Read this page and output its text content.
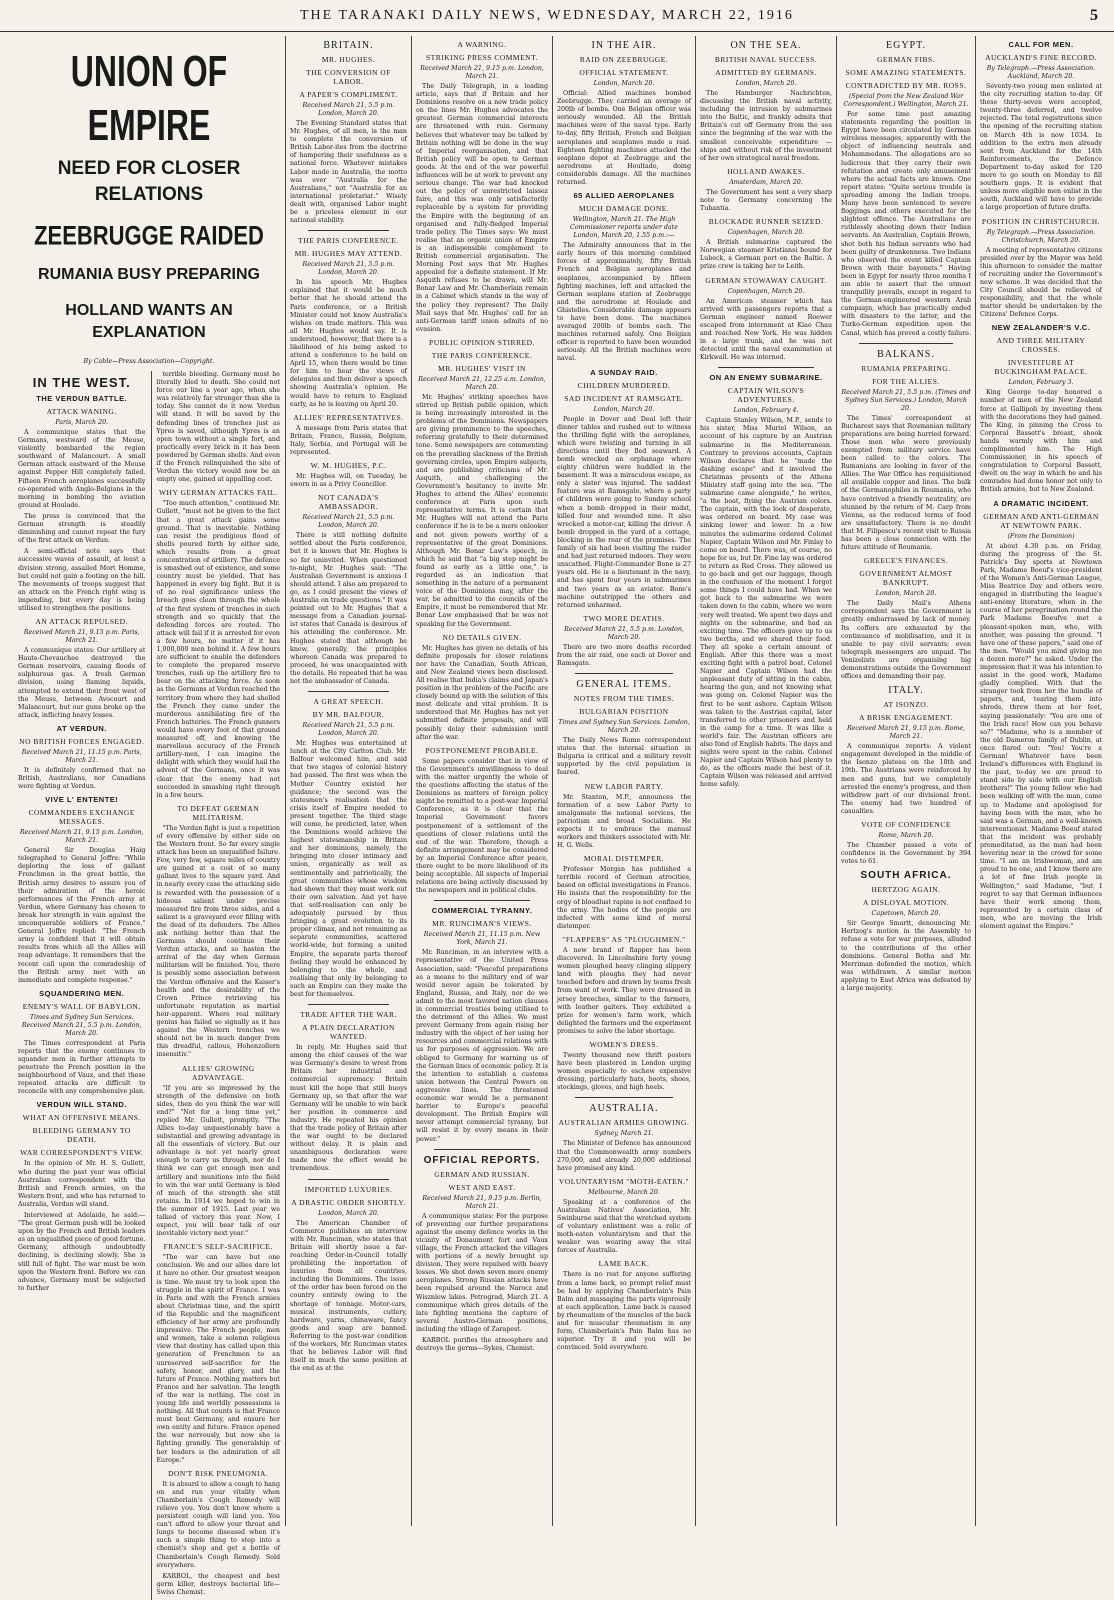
THE TARANAKI DAILY NEWS, WEDNESDAY, MARCH 22, 1916	5
UNION OF EMPIRE
NEED FOR CLOSER RELATIONS
ZEEBRUGGE RAIDED
RUMANIA BUSY PREPARING
HOLLAND WANTS AN EXPLANATION
By Cable—Press Association—Copyright.
IN THE WEST.
THE VERDUN BATTLE.
ATTACK WANING.
Paris, March 20.

A communique states that the Germans, westward of the Meuse, violently bombarded the region southward of Malancourt. A small German attack eastward of the Meuse against Pepper Hill completely failed. Fifteen French aeroplanes successfully co-operated with Anglo-Belgians in the morning in bombing the aviation ground at Houlade.

The press is convinced that the German strength is steadily diminishing and cannot repeat the fury of the first attack on Verdun.

A semi-official note says that successive waves of assault, at least a division strong, assailed Mort Homme, but could not gain a footing on the hill. The movements of troops suggest that an attack on the French right wing is impending, but every day is being utilised to strengthen the positions.

AN ATTACK REPULSED.
Received March 21, 9.15 p.m. Paris, March 21.

A communique states: Our artillery at Haute-Chevauchee destroyed the German reservoirs, causing floods of sulphurous gas. A fresh German division, using flaming liquids, attempted to extend their front west of the Meuse, between Avocourt and Malancourt, but our guns broke up the attack, inflicting heavy losses.

AT VERDUN.
NO BRITISH FORCES ENGAGED.
Received March 21, 11.15 p.m. Paris, March 21.

It is definitely confirmed that no British, Australians, nor Canadians were fighting at Verdun.

VIVE L' ENTENTE!
COMMANDERS EXCHANGE MESSAGES.
Received March 21, 9.15 p.m. London, March 21.

General Sir Douglas Haig telegraphed to General Joffre: "While deploring the loss of gallant Frenchmen in the great battle, the British army desires to assure you of their admiration of the heroic performances of the French army at Verdun, where Germany has chosen to break her strength in vain against the unconquerable soldiers of France." General Joffre replied: "The French army is confident that it will obtain results from which all the Allies will reap advantage. It remembers that the recent call upon the comradeship of the British army met with an immediate and complete response."

SQUANDERING MEN.
ENEMY'S WALL OF BABYLON.
Times and Sydney Sun Services. Received March 21, 5.5 p.m. London, March 20.

The Times correspondent at Paris reports that the enemy continues to squander men in further attempts to penetrate the French position in the neighbourhood of Vaux, and that these repeated attacks are difficult to reconcile with any comprehensive plan.

VERDUN WILL STAND.
WHAT AN OFFENSIVE MEANS.
BLEEDING GERMANY TO DEATH.
WAR CORRESPONDENT'S VIEW.

In the opinion of Mr. H. S. Gullett, who during the past year was official Australian correspondent with the British and French armies, on the Western front, and who has returned to Australia, Verdun will stand.

Interviewed at Adelaide, he said:— "The great German push will be looked upon by the French and British leaders as an unqualified piece of good fortune. Germany, although undoubtedly declining, is declining slowly. She is still full of fight. The war must be won upon the Western front. Before we can advance, Germany must be subjected to further

terrible bleeding. Germany must be literally bled to death. She could not force our line a year ago, when she was relatively far stronger than she is today. She cannot do it now. Verdun will stand. It will be saved by the defending lines of trenches just as Ypres is saved, although Ypres is an open town without a single fort, and practically every brick in it has been powdered by German shells. And even if the French relinquished the site of Verdun the victory would now be an empty one, gained at appalling cost.

WHY GERMAN ATTACKS FAIL.

"Too much attention," continued Mr. Gullett, "must not be given to the fact that a great attack gains some ground. That is inevitable. Nothing can resist the prodigious flood of shells poured forth by either side, which results from a great concentration of artillery. The defence is smashed out of existence, and some country must be yielded. That has happened in every big fight. But it is of no real significance unless the breach goes clean through the whole of the first system of trenches in such strength and so quickly that the defending forces are routed. The attack will fail if it is arrested for even a few hours, no matter if it has 1,000,000 men behind it. A few hours are sufficient to enable the defenders to complete the prepared reserve trenches, rush up the artillery fire to bear on the attacking force. As soon as the Germans at Verdun reached the territory from where they had shelled the French they came under the murderous annihilating fire of the French batteries. The French gunners would have every foot of that ground measured off, and knowing the marvellous accuracy of the French artillery-men, I can imagine the delight with which they would hail the advent of the Germans, once it was clear that the enemy had not succeeded in smashing right through in a few hours.

TO DEFEAT GERMAN MILITARISM.

"The Verdun fight is just a repetition of every offensive by either side on the Western front. So far every single attack has been an unqualified failure. Few, very few, square miles of country are gained at a cost of so many gallant lives to the square yard. And in nearly every case the attacking side is rewarded with the possession of a hideous salient under precise measured fire from three sides, and a salient is a graveyard ever filling with the dead of its defenders. The Allies ask nothing better than that the Germans should continue their Verdun attacks, and so hasten the arrival of the day when German militarism will be finished. You, there is possibly some association between the Verdun offensive and the Kaiser's health and the desirability of the Crown Prince retrieving his unfortunate reputation as martial heir-apparent. Where real military genius has failed so signally as it has against the Western trenches we should not be in much danger from this dreadful, callous, Hohenzollern insensitiv."

ALLIES' GROWING ADVANTAGE.

"If you are so impressed by the strength of the defensive on both sides, then do you think the war will end?" "Not for a long time yet," replied Mr. Gullett, promptly. "The Allies to-day unquestionably have a substantial and growing advantage in all the essentials of victory. But our advantage is not yet nearly great enough to carry us through, nor do I think we can get enough men and artillery and munitions into the field to win the war until Germany is bled of much of the strength she still retains. In 1914 we hoped to win in the summer of 1915. Last year we talked of victory this year. Now, I expect, you will hear talk of our inevitable victory next year."

FRANCE'S SELF-SACRIFICE.

"The war can have but one conclusion. We and our allies dare let it have no other. Our greatest weapon is time. We must try to look upon the struggle in the spirit of France. I was in Paris and with the French armies about Christmas time, and the spirit of the Republic and the magnificent efficiency of her army are profoundly impressive. The French people, men and women, take a solemn religious view that destiny has called upon this generation of Frenchmen to an unreserved self-sacrifice for the safety, honor, and glory, and the future of France. Nothing matters but France and her salvation. The length of the war is nothing. The cost in young life and worldly possessions is nothing. All that counts is that France must beat Germany, and ensure her own entity and future. France opened the war nervously, but now she is fighting grandly. The generalship of her leaders is the admiration of all Europe."

DON'T RISK PNEUMONIA.

It is absurd to allow a cough to hang on and run your vitality when Chamberlain's Cough Remedy will relieve you. You don't know where a persistent cough will land you. You can't afford to allow your throat and lungs to become diseased when it's such a simple thing to step into a chemist's shop and get a bottle of Chamberlain's Cough Remedy. Sold everywhere.

KARBOL, the cheapest and best germ killer, destroys bacterial life—Swiss Chemist.

BRITAIN.
MR. HUGHES.
THE CONVERSION OF LABOR.
A PAPER'S COMPLIMENT.
Received March 21, 5.5 p.m. London, March 20.

The Evening Standard states that Mr. Hughes, of all men, is the man to complete the conversion of British Labor-ites from the doctrine of hampering their usefulness as a national force. Whatever mistakes Labor made in Australia, the motto was ever "Australia for the Australians," not "Australia for an international proletariat." Wisely dealt with, organised Labor might be a priceless element in our national stability.

THE PARIS CONFERENCE.
MR. HUGHES MAY ATTEND.
Received March 21, 5.5 p.m. London, March 20.

In his speech Mr. Hughes explained that it would be much better that he should attend the Paris conference, or a British Minister could not know Australia's wishes on trade matters. This was all Mr. Hughes would say. It is understood, however, that there is a likelihood of his being asked to attend a conference to be held on April 15, when there would be time for him to hear the views of delegates and then deliver a speech showing Australia's opinion. He would have to return to England early, as he is leaving on April 20.

ALLIES' REPRESENTATIVES.

A message from Paris states that Britain, France, Russia, Belgium, Italy, Serbia, and Portugal will be represented.

W. M. HUGHES, P.C.

Mr. Hughes will, on Tuesday, be sworn in as a Privy Councillor.

NOT CANADA'S AMBASSADOR.
Received March 21, 5.5 p.m. London, March 20.

There is still nothing definite settled about the Paris conference, but it is known that Mr. Hughes is so far uninvited. When questioned to-night, Mr. Hughes said: "The Australian Government is anxious I should attend. I also am prepared to go, as I could present the views of Australia on trade questions." It was pointed out to Mr. Hughes that a message from a Canadian journal-ist states that Canada is desirous of his attending the conference. Mr. Hughes stated that although he knew, generally, the principles whereon Canada was prepared to proceed, he was unacquainted with the details. He repeated that he was not the ambassador of Canada.

A GREAT SPEECH.
BY MR. BALFOUR.
Received March 21, 5.5 p.m. London, March 20.

Mr. Hughes was entertained at lunch at the City Carlton Club. Mr. Balfour welcomed him, and said that two stages of colonial history had passed. The first was when the Mother Country existed her guidance; the second was the statesmen's realisation that the crisis itself of Empire needed to present together. The third stage will come, he predicted, later, when the Dominions would achieve the highest statesmanship in Britain and her dominions, namely, the bringing into closer intimacy and union, organically as well as sentimentally and patriotically, the great communities whose wisdom had shown that they must work out their own salvation. And yet have that self-realisation can only be adequately pursued by thus bringing a great evolution to its proper climax, and not remaining as separate communities, scattered world-wide, but forming a united Empire, the separate parts thereof feeling they would be enhanced by belonging to the whole, and realising that only by belonging to such an Empire can they make the best for themselves.

TRADE AFTER THE WAR.
A PLAIN DECLARATION WANTED.

In reply, Mr. Hughes said that among the chief causes of the war was Germany's desire to wrest from Britain her industrial and commercial supremacy. Britain must kill the hope that still buoys Germany up, so that after the war Germany will be unable to win back her position in commerce and industry. He repeated his opinion that the trade policy of Britain after the war ought to be declared without delay. It is plain and unambiguous declaration were made now the effect would be tremendous.

IMPORTED LUXURIES.
A DRASTIC ORDER SHORTLY.
London, March 20.

The American Chamber of Commerce publishes an interview with Mr. Runciman, who states that Britain will shortly issue a far-reaching Order-in-Council totally prohibiting the importation of luxuries from all countries, including the Dominions. The issue of the order has been forced on the country entirely owing to the shortage of tonnage. Motor-cars, musical instruments, cutlery, hardware, yarns, chinaware, fancy goods and soap are banned. Referring to the post-war condition of the workers, Mr. Runciman states that he believes Labor will find itself in much the same position at the end as at the

A WARNING.
STRIKING PRESS COMMENT.
Received March 21, 9.15 p.m. London, March 21.

The Daily Telegraph, in a leading article, says that if Britain and her Dominions resolve on a new trade policy on the lines Mr. Hughes advocates the greatest German commercial interests are threatened with ruin. Germany believes that whatever may be talked by Britain nothing will be done in the way of Imperial reorganisation, and that British policy will be open to German goods. At the end of the war powerful influences will be at work to prevent any serious change. The war had knocked out the policy of unrestricted laissez faire, and this was only satisfactorily replaceable by a system for providing the Empire with the beginning of an organised and fully-fledged Imperial trade policy. The Times says: We must realise that an organic union of Empire is an indispensible complement to British commercial organisation. The Morning Post says that Mr. Hughes appealed for a definite statement. If Mr. Asquith refuses to be drawn, will Mr. Bonar Law and Mr. Chamberlain remain in a Cabinet which stands in the way of the policy they represent? The Daily Mail says that Mr. Hughes' call for an anti-German tariff union admits of no evasion.

PUBLIC OPINION STIRRED.
THE PARIS CONFERENCE.
MR. HUGHES' VISIT IN
Received March 21, 12.25 a.m. London, March 20.

Mr. Hughes' striking speeches have stirred up British public opinion, which is being increasingly interested in the problems of the Dominions. Newspapers are giving prominence to the speeches, referring gratefully to their determined tone. Some newspapers are commenting on the prevailing slackness of the British governing circles, upon Empire subjects, and are publishing criticisms of Mr. Asquith, and challenging the Government's hesitancy to invite Mr. Hughes to attend the Allies' economic conference at Paris upon such representative terms. It is certain that Mr. Hughes will not attend the Paris conference if he is to be a mere onlooker and not given powers worthy of a representative of the great Dominions. Although Mr. Bonar Law's speech, in which he said that "a big step might be found as early as a little one," is regarded as an indication that something in the nature of a permanent voice of the Dominions may, after the war, be admitted to the councils of the Empire, it must be remembered that Mr. Bonar Law emphasised that he was not speaking for the Government.

NO DETAILS GIVEN.

Mr. Hughes has given no details of his definite proposals for closer relations nor have the Canadian, South African, and New Zealand views been disclosed. All realise that India's claims and Japan's position in the problem of the Pacific are closely bound up with the solution of this most delicate and vital problem. It is understood that Mr. Hughes has not yet submitted definite proposals, and will possibly delay their submission until after the war.

POSTPONEMENT PROBABLE.

Some papers consider that in view of the Government's unwillingness to deal with the matter urgently the whole of the questions affecting the status of the Dominions as matters of foreign policy might be remitted to a post-war Imperial Conference, as it is clear that the Imperial Government favors postponement of a settlement of the questions of closer relations until the end of the war. Therefore, though a definite arrangement may be considered by an Imperial Conference after peace, there ought to be more likelihood of its being acceptable. All aspects of Imperial relations are being actively discussed by the newspapers and in political clubs.

COMMERCIAL TYRANNY.
MR. RUNCIMAN'S VIEWS.
Received March 21, 11.15 p.m. New York, March 21.

Mr. Runciman, in an interview with a representative of the United Press Association, said: "Peaceful preparations as a means to the military end of war would never again be tolerated by England, Russia, and Italy, nor do we admit to the most favored nation clauses in commercial treaties being utilised to the detriment of the Allies. We must prevent Germany from again rising her industry with the object of her using her resources and commercial relations with us for purposes of aggression. We are obliged to Germany for warning us of the German lines of economic policy. It is the intention to establish a customs union between the Central Powers on aggressive lines. The threatened economic war would be a permanent barrier to Europe's peaceful development. The British Empire will never attempt commercial tyranny, but will resist it by every means in their power."

OFFICIAL REPORTS.
GERMAN AND RUSSIAN.
WEST AND EAST.
Received March 21, 9.15 p.m. Berlin, March 21.

A communique states: For the purpose of preventing our further preparations against the enemy defence works in the vicinity of Donaumont fort and Vaux village, the French attacked the villages with portions of a newly brought up division. They were repulsed with heavy losses. We shot down seven more enemy aeroplanes. Strong Russian attacks have been repulsed around the Narocz and Wisznlew lakes. Petrograd, March 21. A communique which gives details of the late fighting mentions the capture of several Austro-German positions, including the village of Zarapest.

KARBOL purifies the atmosphere and destroys the germs—Sykes, Chemist.

IN THE AIR.
RAID ON ZEEBRUGGE.
OFFICIAL STATEMENT.
London, March 20.

Official: Allied machines bombed Zeebrugge. They carried an average of 200lb of bombs. One Belgian officer was seriously wounded. All the British machines were of the naval type. Early to-day, fifty British, French and Belgian aeroplanes and seaplanes made a raid. Eighteen fighting machines attacked the seaplane depot at Zeebrugge and the aerodrome at Houltade, doing considerable damage. All the machines returned.

65 ALLIED AEROPLANES
MUCH DAMAGE DONE.
Wellington, March 21. The High Commissioner reports under date London, March 20, 1.55 p.m.:—

The Admiralty announces that in the early hours of this morning combined forces of approximately, fifty British French and Belgian aeroplanes and seaplanes, accompanied by fifteen fighting machines, left and attacked the German seaplane station at Zeebrugge and the aerodrome at Houlade and Ghistelles. Considerable damage appears to have been done. The machines averaged 200lb of bombs each. The machines returned safely. One Belgian officer is reported to have been wounded seriously. All the British machines were naval.

A SUNDAY RAID.
CHILDREN MURDERED.
SAD INCIDENT AT RAMSGATE.
London, March 20.

People in Dover and Deal left their dinner tables and rushed out to witness the thrilling fight with the aeroplanes, which were twisting and turning in all directions until they fled seaward. A bomb wrecked an orphanage where eighty children were huddled in the basement. It was a miraculous escape, as only a sister was injured. The saddest feature was at Ramsgate, where a party of children were going to Sunday school when a bomb dropped in their midst, killed four and wounded nine. It also wrecked a motor-car, killing the driver. A bomb dropped in the yard of a cottage, blocking in the rear of the premises. The family of six had been visiting the raider and had just returned indoors. They were unscathed. Flight-Commander Bone is 27 years old. He is a lieutenant in the navy, and has spent four years in submarines and two years as an aviator. Bone's machine outstripped the others and returned unharmed.

TWO MORE DEATHS.
Received March 21, 5.5 p.m. London, March 20.

There are two more deaths recorded from the air raid, one each at Dover and Ramsgate.

GENERAL ITEMS.
NOTES FROM THE TIMES.
BULGARIAN POSITION
Times and Sydney Sun Services. London, March 20.

The Daily News Rome correspondent states that the internal situation in Bulgaria is critical and a military revolt supported by the civil population is feared.

NEW LABOR PARTY.

Mr. Stanton, M.P., announces the formation of a new Labor Party to amalgamate the national services, the patriotism and broad Socialism. He expects it to embrace the manual workers and thinkers associated with Mr. H. G. Wells.

MORAL DISTEMPER.

Professor Morgan has published a terrible record of German atrocities, based on official investigations in France. He insists that the responsibility for the orgy of bloodlust rapine is not confined to the army. The bodies of the people are infected with some kind of moral distemper.

"FLAPPERS" AS "PLOUGHMEN."

A new brand of flapper has been discovered. In Lincolnshire forty young women ploughed heavy clinging slippery land with ploughs they had never touched before and drawn by teams fresh from want of work. They were dressed in jersey breeches, similar to the farmers, with leather gaiters. They exhibited a prize for women's farm work, which delighted the farmers and the experiment promises to solve the labor shortage.

WOMEN'S DRESS.

Twenty thousand new thrift posters have been plastered in London urging women especially to eschew expensive dressing, particularly hats, boots, shoes, stockings, gloves, and high heels.

AUSTRALIA.
AUSTRALIAN ARMIES GROWING.
Sydney, March 21.

The Minister of Defence has announced that the Commonwealth army numbers 270,000, and already 20,000 additional have promised any kind.

VOLUNTARYISM "MOTH-EATEN."
Melbourne, March 20.

Speaking at a conference of the Australian Natives' Association, Mr. Swinburne said that the wretched system of voluntary enlistment was a relic of moth-eaten voluntaryism and that the weaker was wearing away the vital forces of Australia.

LAME BACK.

There is no rest for anyone suffering from a lame back, so prompt relief must be had by applying Chamberlain's Pain Balm and massaging the parts vigorously at each application. Lame back is caused by rheumatism of the muscles of the back and for muscular rheumatism in any form, Chamberlain's Pain Balm has no superior. Try it and you will be convinced. Sold everywhere.

ON THE SEA.
BRITISH NAVAL SUCCESS.
ADMITTED BY GERMANS.
London, March 20.

The Hamburger Nachrichten, discussing the British naval activity, including the intrusion by submarines into the Baltic, and frankly admits that Britain's cut off Germany from the sea since the beginning of the war with the smallest conceivable expenditure — ships and without risk of the investment of her own strategical naval freedom.

HOLLAND AWAKES.
Amsterdam, March 20.

The Government has sent a very sharp note to Germany concerning the Tubantia.

BLOCKADE RUNNER SEIZED.
Copenhagen, March 20.

A British submarine captured the Norwegian steamer Kristiansi bound for Lubeck, a German port on the Baltic. A prize crew is taking her to Leith.

GERMAN STOWAWAY CAUGHT.
Copenhagen, March 20.

An American steamer which has arrived with passengers reports that a German engineer named Roewer escaped from internment at Kiao Chau and reached New York. He was hidden in a large trunk, and he was not detected until the naval examination at Kirkwall. He was interned.

ON AN ENEMY SUBMARINE.
CAPTAIN WILSON'S ADVENTURES.
London, February 4.

Captain Stanley Wilson, M.P., sends to his sister, Miss Muriel Wilson, an account of his capture by an Austrian submarine in the Mediterranean. Contrary to previous accounts, Captain Wilson declares that he "made the dashing escape" and it involved the Christmas presents of the Athens Ministry staff going into the sea. "The submarine came alongside," he writes, "a the boat, flying the Austrian colors. The captain, with the look of desperate, was ordered on board. My case was sinking lower and lower. In a few minutes the submarine ordered Colonel Napier, Captain Wilson and Mr. Finlay to come on board. There was, of course, no hope for us, but Dr. Fine lay was ordered to return as Red Cross. They allowed us to go back and get our luggage, though in the confusion of the moment I forgot some things I could have had. When we got back to the submarine we were taken down to the cabin, where we were very well treated. We spent two days and nights on the submarine, and had an exciting time. The officers gave up to us two berths, and we shared their food. They all spoke a certain amount of English. After this there was a most exciting fight with a patrol boat. Colonel Napier and Captain Wilson had the unpleasant duty of sitting in the cabin, hearing the gun, and not knowing what was going on. Colonel Napier was the first to be sent ashore. Captain Wilson was taken to the Austrian capital, later transferred to other prisoners and held in the camp for a time. It was like a world's fair. The Austrian officers are also fond of English habits. The days and nights were spent in the cabin. Colonel Napier and Captain Wilson had plenty to do, as the officers made the best of it. Captain Wilson was released and arrived home safely.

EGYPT.
GERMAN FIBS.
SOME AMAZING STATEMENTS.
CONTRADICTED BY MR. ROSS.
(Special from the New Zealand War Correspondent.) Wellington, March 21.

For some time past amazing statements regarding the position in Egypt have been circulated by German wireless messages, apparently with the object of influencing neutrals and Mohammedans. The allegations are so ludicrous that they carry their own refutation and create only amusement where the actual facts are known. One report states: "Quite serious trouble is spreading among the Indian troops. Many have been sentenced to severe floggings and others executed for the slightest offence. The Australians are ruthlessly shooting down their Indian servants. An Australian, Captain Brown, shot both his Indian servants who had been guilty of drunkenness. Two Indians who observed the event killed Captain Brown with their bayonets." Having been in Egypt for nearly three months I am able to assert that the utmost tranquility prevails, except in regard to the German-engineered western Arab campaign, which has practically ended with disasters to the latter, and the Turko-German expedition upon the Canal, which has proved a costly failure.

BALKANS.
RUMANIA PREPARING.
FOR THE ALLIES.
Received March 21, 5.5 p.m. (Times and Sydney Sun Services.) London, March 20.

The Times' correspondent at Bucharest says that Roumanian military preparations are being hurried forward. Those men who were previously exempted from military service have been called to the colors. The Rumanians are looking in favor of the Allies. The War Office has requisitioned all available copper and lines. The bulk of the Germanophiles in Roumania, who have contrived a friendly neutrality, are stunned by the return of M. Carp from Vienna, as the reduced terms of food are unsatisfactory. There is no doubt that M. Filipescu's recent visit to Russia has been a close connection with the future attitude of Roumania.

GREECE'S FINANCES.
GOVERNMENT ALMOST BANKRUPT.
London, March 20.

The Daily Mail's Athens correspondent says the Government is greatly embarrassed by lack of money. Its coffers are exhausted by the continuance of mobilisation, and it is unable to pay civil servants; even telegraph messengers are unpaid. The Venizelists are organising big demonstrations outside the Government offices and demanding their pay.

ITALY.
AT ISONZO.
A BRISK ENGAGEMENT.
Received March 21, 9.15 p.m. Rome, March 21.

A communique reports: A violent engagement developed in the middle of the Isonzo plateau on the 18th and 19th. The Austrians were reinforced by men and guns, but we completely arrested the enemy's progress, and then withdrew part of our divisional front. The enemy had two hundred of casualties.

VOTE OF CONFIDENCE
Rome, March 20.

The Chamber passed a vote of confidence in the Government by 394 votes to 61.

SOUTH AFRICA.
HERTZOG AGAIN.
A DISLOYAL MOTION.
Capetown, March 20.

Sir George Smartt, denouncing Mr. Hertzog's motion in the Assembly to refuse a vote for war purposes, alluded to the contributions of the other dominions. General Botha and Mr. Merriman defended the motion, which was withdrawn. A similar motion applying to East Africa was defeated by a large majority.

CALL FOR MEN.
AUCKLAND'S FINE RECORD.
By Telegraph.—Press Association. Auckland, March 20.

Seventy-two young men enlisted at the city recruiting station to-day. Of these thirty-seven were accepted, twenty-three deferred, and twelve rejected. The total registrations since the opening of the recruiting station on March 4th is now 1034. In addition to the extra men already sent from Auckland for the 14th Reinforcements, the Defence Department to-day asked for 120 more to go south on Monday to fill southern gaps. It is evident that unless more eligible men enlist in the south, Auckland will have to provide a large proportion of future drafts.

POSITION IN CHRISTCHURCH.
By Telegraph.—Press Association. Christchurch, March 20.

A meeting of representative citizens presided over by the Mayor was held this afternoon to consider the matter of recruiting under the Government's new scheme. It was decided that the City Council should be relieved of responsibility, and that the whole matter should be undertaken by the Citizens' Defence Corps.

NEW ZEALANDER'S V.C.
AND THREE MILITARY CROSSES.
INVESTITURE AT BUCKINGHAM PALACE.
London, February 3.

King George to-day honored a number of men of the New Zealand force at Gallipoli by investing them with the decorations they had gained. The King, in pinning the Cross to Corporal Bassett's breast, shook hands warmly with him and complimented him. The High Commissioner, in his speech of congratulation to Corporal Bassett, dwelt on the way in which he and his comrades had done honor not only to British armies, but to New Zealand.

A DRAMATIC INCIDENT.
GERMAN AND ANTI-GERMAN AT NEWTOWN PARK.
(From the Dominion)

At about 4.30 p.m. on Friday, during the progress of the St. Patrick's Day sports at Newtown Park, Madame Boeuf's vice-president of the Women's Anti-German League, Miss Beatrice Day and others were engaged in distributing the league's anti-enemy literature, when in the course of her peregrination round the Park Madame Boeufve met a pleasant-spoken man, who, with another, was passing the ground. "I have one of these papers," said one of the men. "Would you mind giving me a dozen more?" he asked. Under the impression that it was his intention to assist in the good work, Madame gladly complied. With that the stranger took from her the bundle of papers, and, tearing them into shreds, threw them at her feet, saying passionately: "You are one of the Irish race! How can you behave so?" "Madame, who is a member of the old Dameron family of Dublin, at once flared out: "You! You're a German! Whatever have been Ireland's differences with England in the past, to-day we are proud to stand side by side with our English brothers!" The young fellow who had been walking off with the man, came up to Madame and apologised for having been with the man, who he said was a German, and a well-known interventionist. Madame Boeuf stated that the incident was probably premeditated, as the man had been hovering near in the crowd for some time. "I am an Irishwoman, and am proud to be one, and I know there are a lot of fine Irish people in Wellington," said Madame, "but I regret to say that German influences have their work among them, represented by a certain class of men, who are moving the Irish element against the Empire."
